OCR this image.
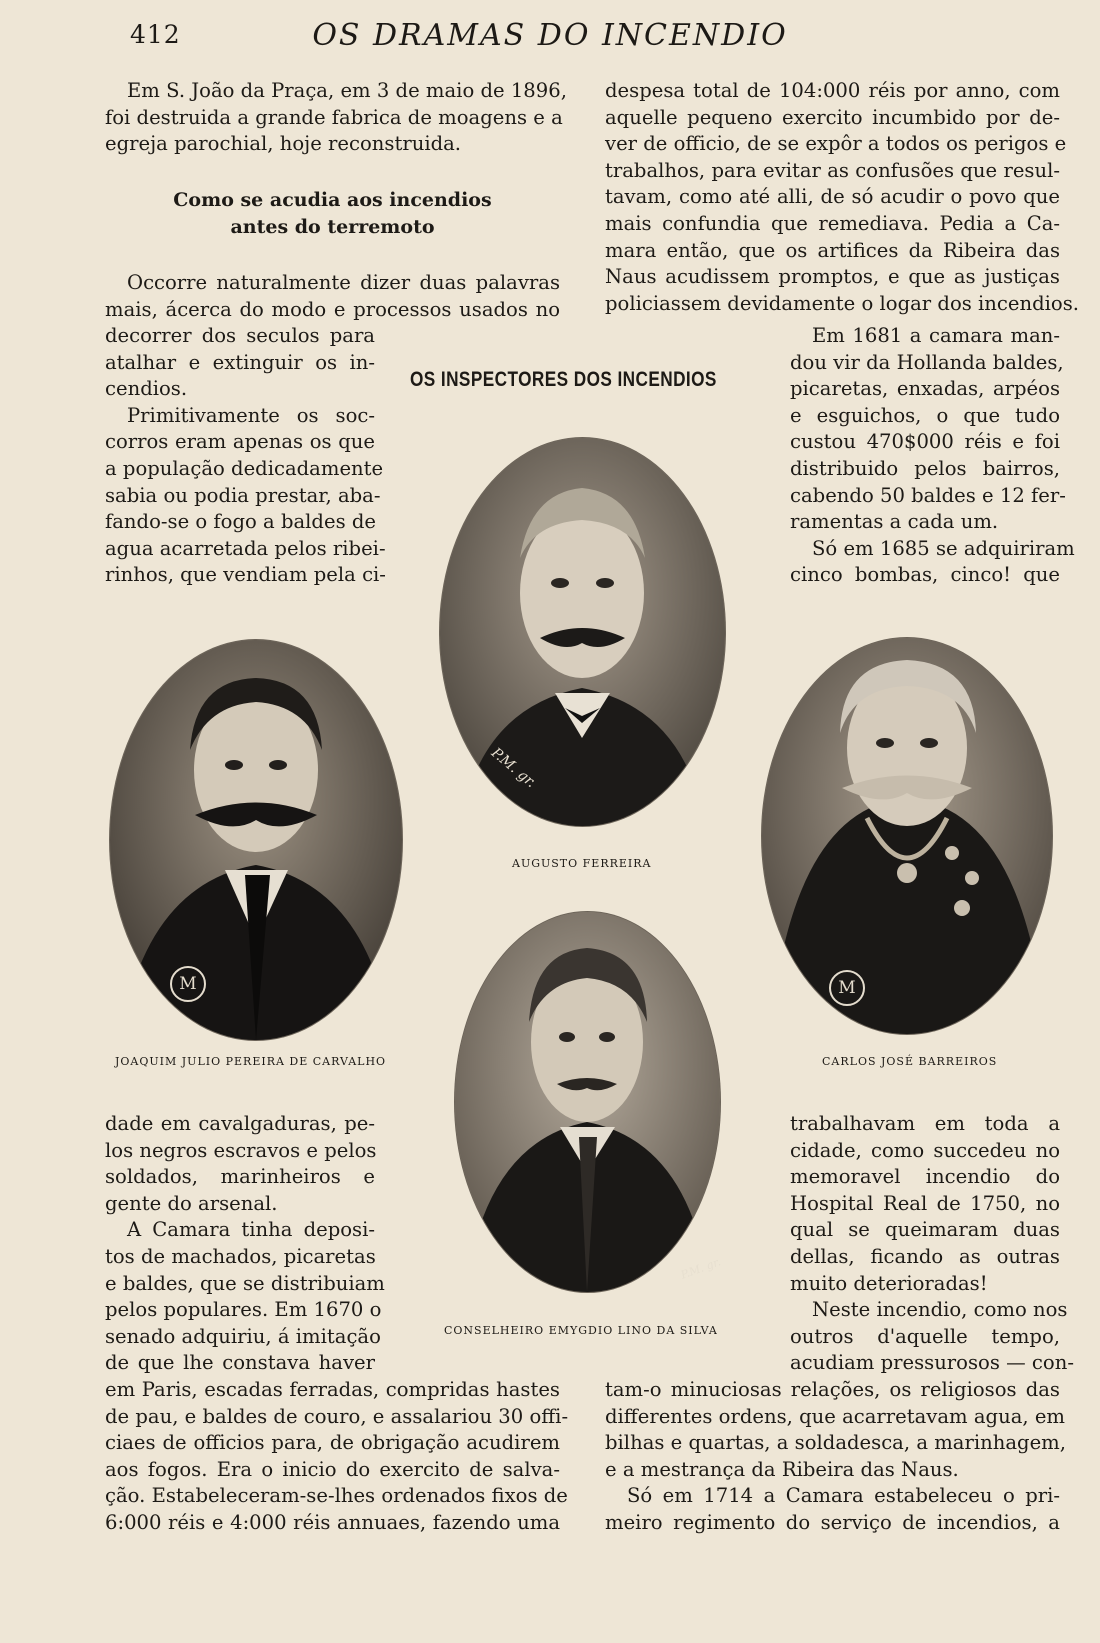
412	OS DRAMAS DO INCENDIO
Em S. João da Praça, em 3 de maio de 1896,
foi destruida a grande fabrica de moagens e a
egreja parochial, hoje reconstruida.
Como se acudia aos incendios
antes do terremoto
Occorre naturalmente dizer duas palavras
mais, ácerca do modo e processos usados no
decorrer dos seculos para
atalhar e extinguir os in-
cendios.
Primitivamente os soc-
corros eram apenas os que
a população dedicadamente
sabia ou podia prestar, aba-
fando-se o fogo a baldes de
agua acarretada pelos ribei-
rinhos, que vendiam pela ci-
despesa total de 104:000 réis por anno, com
aquelle pequeno exercito incumbido por de-
ver de officio, de se expôr a todos os perigos e
trabalhos, para evitar as confusões que resul-
tavam, como até alli, de só acudir o povo que
mais confundia que remediava. Pedia a Ca-
mara então, que os artifices da Ribeira das
Naus acudissem promptos, e que as justiças
policiassem devidamente o logar dos incendios.
Em 1681 a camara man-
dou vir da Hollanda baldes,
picaretas, enxadas, arpéos
e esguichos, o que tudo
custou 470$000 réis e foi
distribuido pelos bairros,
cabendo 50 baldes e 12 fer-
ramentas a cada um.
Só em 1685 se adquiriram
cinco bombas, cinco! que
OS INSPECTORES DOS INCENDIOS
P.M. gr.
P.M. gr.
M	M
AUGUSTO FERREIRA
JOAQUIM JULIO PEREIRA DE CARVALHO	CARLOS JOSÉ BARREIROS
CONSELHEIRO EMYGDIO LINO DA SILVA
dade em cavalgaduras, pe-
los negros escravos e pelos
soldados, marinheiros e
gente do arsenal.
A Camara tinha deposi-
tos de machados, picaretas
e baldes, que se distribuiam
pelos populares. Em 1670 o
senado adquiriu, á imitação
de que lhe constava haver
em Paris, escadas ferradas, compridas hastes
de pau, e baldes de couro, e assalariou 30 offi-
ciaes de officios para, de obrigação acudirem
aos fogos. Era o inicio do exercito de salva-
ção. Estabeleceram-se-lhes ordenados fixos de
6:000 réis e 4:000 réis annuaes, fazendo uma
trabalhavam em toda a
cidade, como succedeu no
memoravel incendio do
Hospital Real de 1750, no
qual se queimaram duas
dellas, ficando as outras
muito deterioradas!
Neste incendio, como nos
outros d'aquelle tempo,
acudiam pressurosos — con-
tam-o minuciosas relações, os religiosos das
differentes ordens, que acarretavam agua, em
bilhas e quartas, a soldadesca, a marinhagem,
e a mestrança da Ribeira das Naus.
Só em 1714 a Camara estabeleceu o pri-
meiro regimento do serviço de incendios, a
